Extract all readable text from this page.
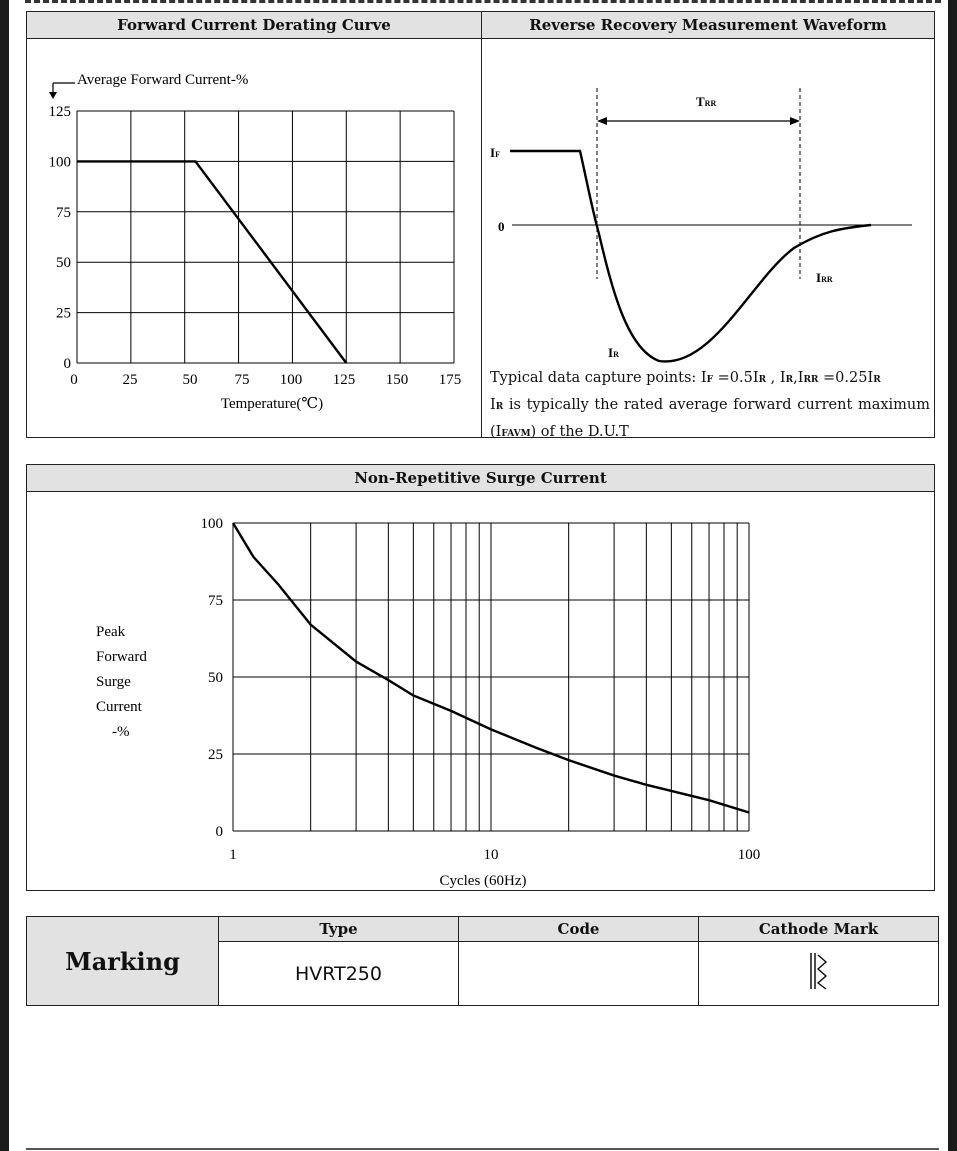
Forward Current Derating Curve
0	25	50 75 100 125 150 175
0
25
50
75
100
125
Average Forward Current-%
Temperature(℃)
Reverse Recovery Measurement Waveform
TRR
IF
0
IRR
IR
Typical data capture points: IF =0.5IR , IR,IRR =0.25IR
IR is typically the rated average forward current maximum
(IFAVM) of the D.U.T
Non-Repetitive Surge Current
1	10	100
0
25
50
75
100
Peak
Forward
Surge
Current
-%
Cycles (60Hz)
Marking	Type	Code	Cathode Mark
	HVRT250		
